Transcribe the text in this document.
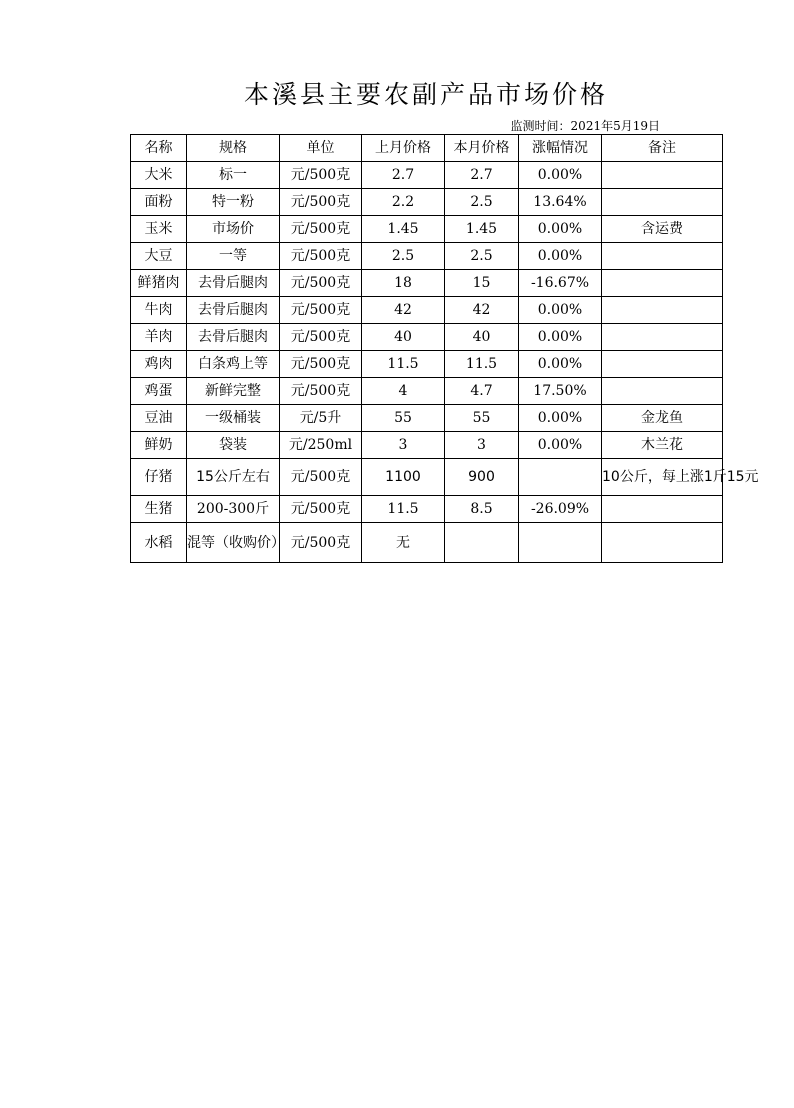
本溪县主要农副产品市场价格
监测时间：2021年5月19日
名称	规格	单位	上月价格	本月价格	涨幅情况	备注
大米	标一	元/500克	2.7	2.7	0.00%	
面粉	特一粉	元/500克	2.2	2.5	13.64%	
玉米	市场价	元/500克	1.45	1.45	0.00%	含运费
大豆	一等	元/500克	2.5	2.5	0.00%	
鲜猪肉	去骨后腿肉	元/500克	18	15	-16.67%	
牛肉	去骨后腿肉	元/500克	42	42	0.00%	
羊肉	去骨后腿肉	元/500克	40	40	0.00%	
鸡肉	白条鸡上等	元/500克	11.5	11.5	0.00%	
鸡蛋	新鲜完整	元/500克	4	4.7	17.50%	
豆油	一级桶装	元/5升	55	55	0.00%	金龙鱼
鲜奶	袋装	元/250ml	3	3	0.00%	木兰花
仔猪	15公斤左右	元/500克	1100	900		10公斤，每上涨1斤15元
生猪	200-300斤	元/500克	11.5	8.5	-26.09%	
水稻	混等（收购价）	元/500克	无			
